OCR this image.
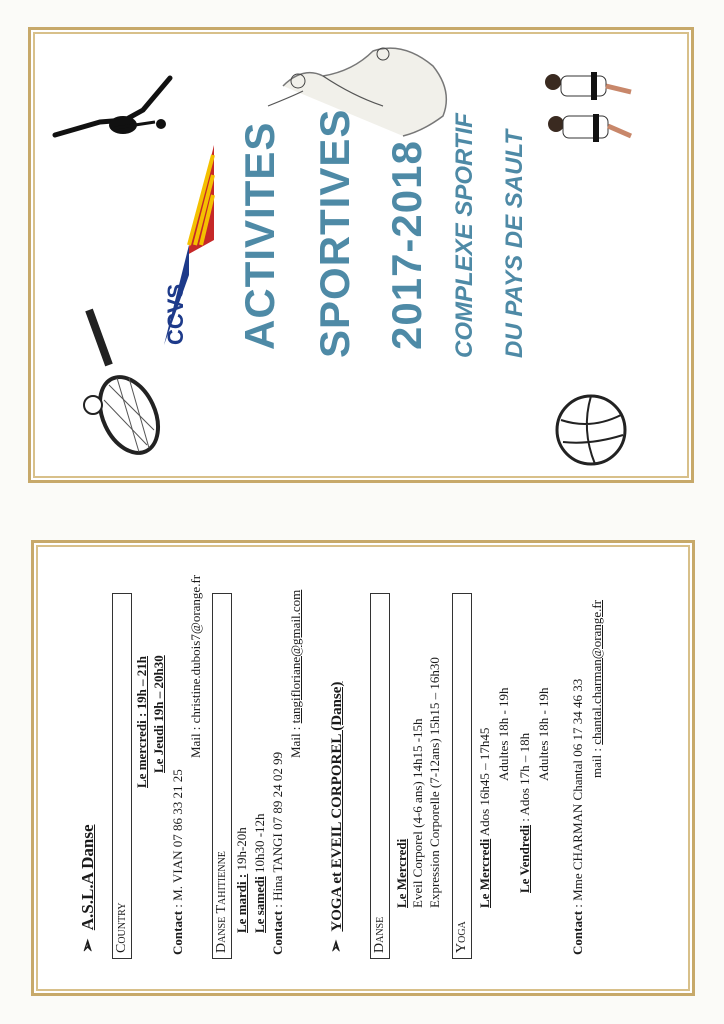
CCVS ACTIVITES SPORTIVES 2017-2018 COMPLEXE SPORTIF DU PAYS DE SAULT
➢  A.S.L.A Danse Country
Le mercredi : 19h – 21h Le Jeudi 19h – 20h30
Contact : M. VIAN 07 86 33 21 25
Mail : christine.dubois7@orange.fr
Danse Tahitienne Le mardi : 19h-20h
Le samedi 10h30 -12h
Contact : Hina TANGI 07 89 24 02 99
Mail : tangifloriane@gmail.com
➢  YOGA et EVEIL CORPOREL (Danse)
Danse
Le Mercredi Eveil Corporel (4-6 ans) 14h15 -15h Expression Corporelle (7-12ans) 15h15 – 16h30
Yoga
Le Mercredi Ados 16h45 – 17h45 Adultes 18h - 19h
Le Vendredi : Ados 17h – 18h Adultes 18h - 19h
Contact : Mme CHARMAN Chantal 06 17 34 46 33 mail : chantal.charman@orange.fr
